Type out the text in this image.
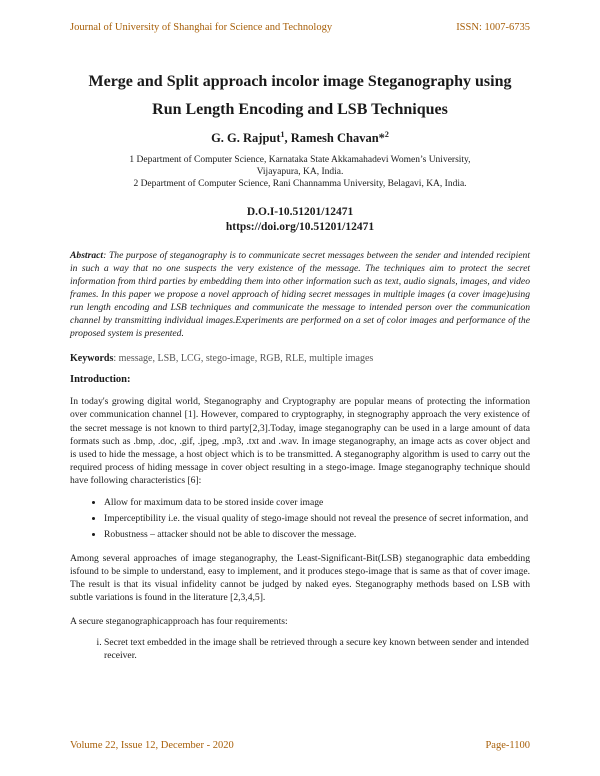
Journal of University of Shanghai for Science and Technology	ISSN: 1007-6735
Merge and Split approach incolor image Steganography using
Run Length Encoding and LSB Techniques
G. G. Rajput$^1$, Ramesh Chavan*$^2$
1 Department of Computer Science, Karnataka State Akkamahadevi Women’s University,
Vijayapura, KA, India.
2 Department of Computer Science, Rani Channamma University, Belagavi, KA, India.
D.O.I-10.51201/12471
https://doi.org/10.51201/12471
Abstract: The purpose of steganography is to communicate secret messages between the sender and intended recipient in such a way that no one suspects the very existence of the message. The techniques aim to protect the secret information from third parties by embedding them into other information such as text, audio signals, images, and video frames. In this paper we propose a novel approach of hiding secret messages in multiple images (a cover image)using run length encoding and LSB techniques and communicate the message to intended person over the communication channel by transmitting individual images.Experiments are performed on a set of color images and performance of the proposed system is presented.
Keywords: message, LSB, LCG, stego-image, RGB, RLE, multiple images
Introduction:
In today's growing digital world, Steganography and Cryptography are popular means of protecting the information over communication channel [1]. However, compared to cryptography, in stegnography approach the very existence of the secret message is not known to third party[2,3].Today, image steganography can be used in a large amount of data formats such as .bmp, .doc, .gif, .jpeg, .mp3, .txt and .wav. In image steganography, an image acts as cover object and is used to hide the message, a host object which is to be transmitted. A steganography algorithm is used to carry out the required process of hiding message in cover object resulting in a stego-image. Image steganography technique should have following characteristics [6]:
• Allow for maximum data to be stored inside cover image
• Imperceptibility i.e. the visual quality of stego-image should not reveal the presence of secret information, and
• Robustness – attacker should not be able to discover the message.
Among several approaches of image steganography, the Least-Significant-Bit(LSB) steganographic data embedding isfound to be simple to understand, easy to implement, and it produces stego-image that is same as that of cover image. The result is that its visual infidelity cannot be judged by naked eyes. Steganography methods based on LSB with subtle variations is found in the literature [2,3,4,5].
A secure steganographicapproach has four requirements:
i. Secret text embedded in the image shall be retrieved through a secure key known between sender and intended receiver.
Volume 22, Issue 12, December - 2020	Page-1100
